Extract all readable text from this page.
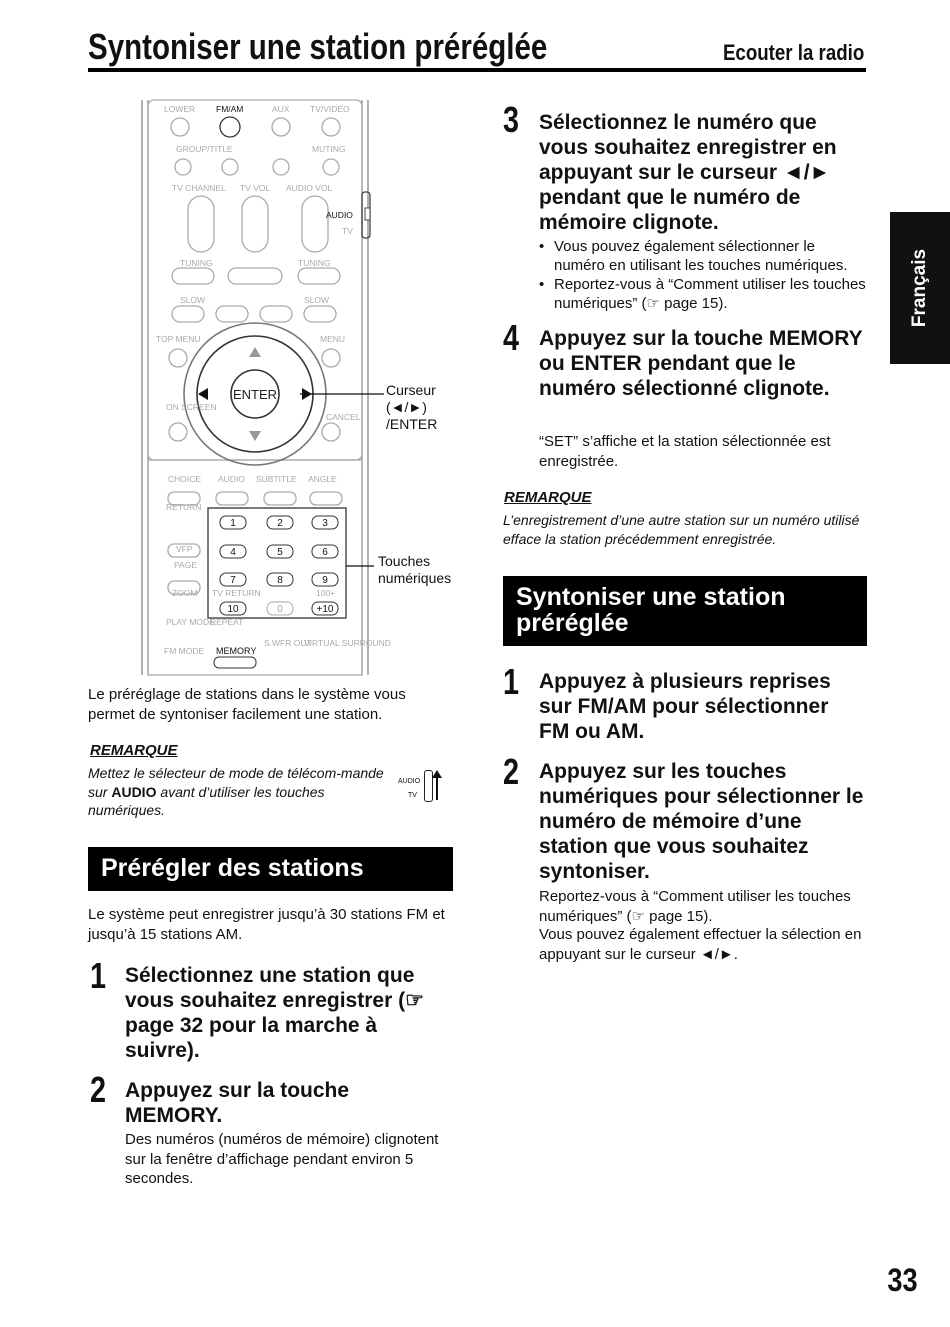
Syntoniser une station préréglée	Ecouter la radio
Français
33
ENTER
1	2	3
4	5	6
7	8	9
10	0	+10
LOWER FM/AM	AUX TV/VIDEO
GROUP/TITLE	MUTING
TV CHANNEL TV VOL AUDIO VOL
AUDIO
TV
TUNING	TUNING
SLOW	SLOW
TOP MENU	MENU
ON SCREEN
CANCEL
CHOICE AUDIO SUBTITLE ANGLE
RETURN
VFP
PAGE
ZOOM TV RETURN	100+
PLAY MODE
REPEAT
FM MODE
S.WFR OUT
VIRTUAL SURROUND
MEMORY
Curseur (◄/►) /ENTER
Touches numériques
Le préréglage de stations dans le système vous permet de syntoniser facilement une station.
REMARQUE
Mettez le sélecteur de mode de télécom-mande sur AUDIO avant d’utiliser les touches numériques.
AUDIO
TV
Prérégler des stations
Le système peut enregistrer jusqu’à 30 stations FM et jusqu’à 15 stations AM.
1 Sélectionnez une station que vous souhaitez enregistrer (☞ page 32 pour la marche à suivre).
2 Appuyez sur la touche MEMORY.
Des numéros (numéros de mémoire) clignotent sur la fenêtre d’affichage pendant environ 5 secondes.
3 Sélectionnez le numéro que vous souhaitez enregistrer en appuyant sur le curseur ◄/► pendant que le numéro de mémoire clignote.
• Vous pouvez également sélectionner le numéro en utilisant les touches numériques.
• Reportez-vous à “Comment utiliser les touches numériques” (☞ page 15).
4 Appuyez sur la touche MEMORY ou ENTER pendant que le numéro sélectionné clignote.
“SET” s’affiche et la station sélectionnée est enregistrée.
REMARQUE
L’enregistrement d’une autre station sur un numéro utilisé efface la station précédemment enregistrée.
Syntoniser une station préréglée
1 Appuyez à plusieurs reprises sur FM/AM pour sélectionner FM ou AM.
2 Appuyez sur les touches numériques pour sélectionner le numéro de mémoire d’une station que vous souhaitez syntoniser.
Reportez-vous à “Comment utiliser les touches numériques” (☞ page 15).
Vous pouvez également effectuer la sélection en appuyant sur le curseur ◄/►.
